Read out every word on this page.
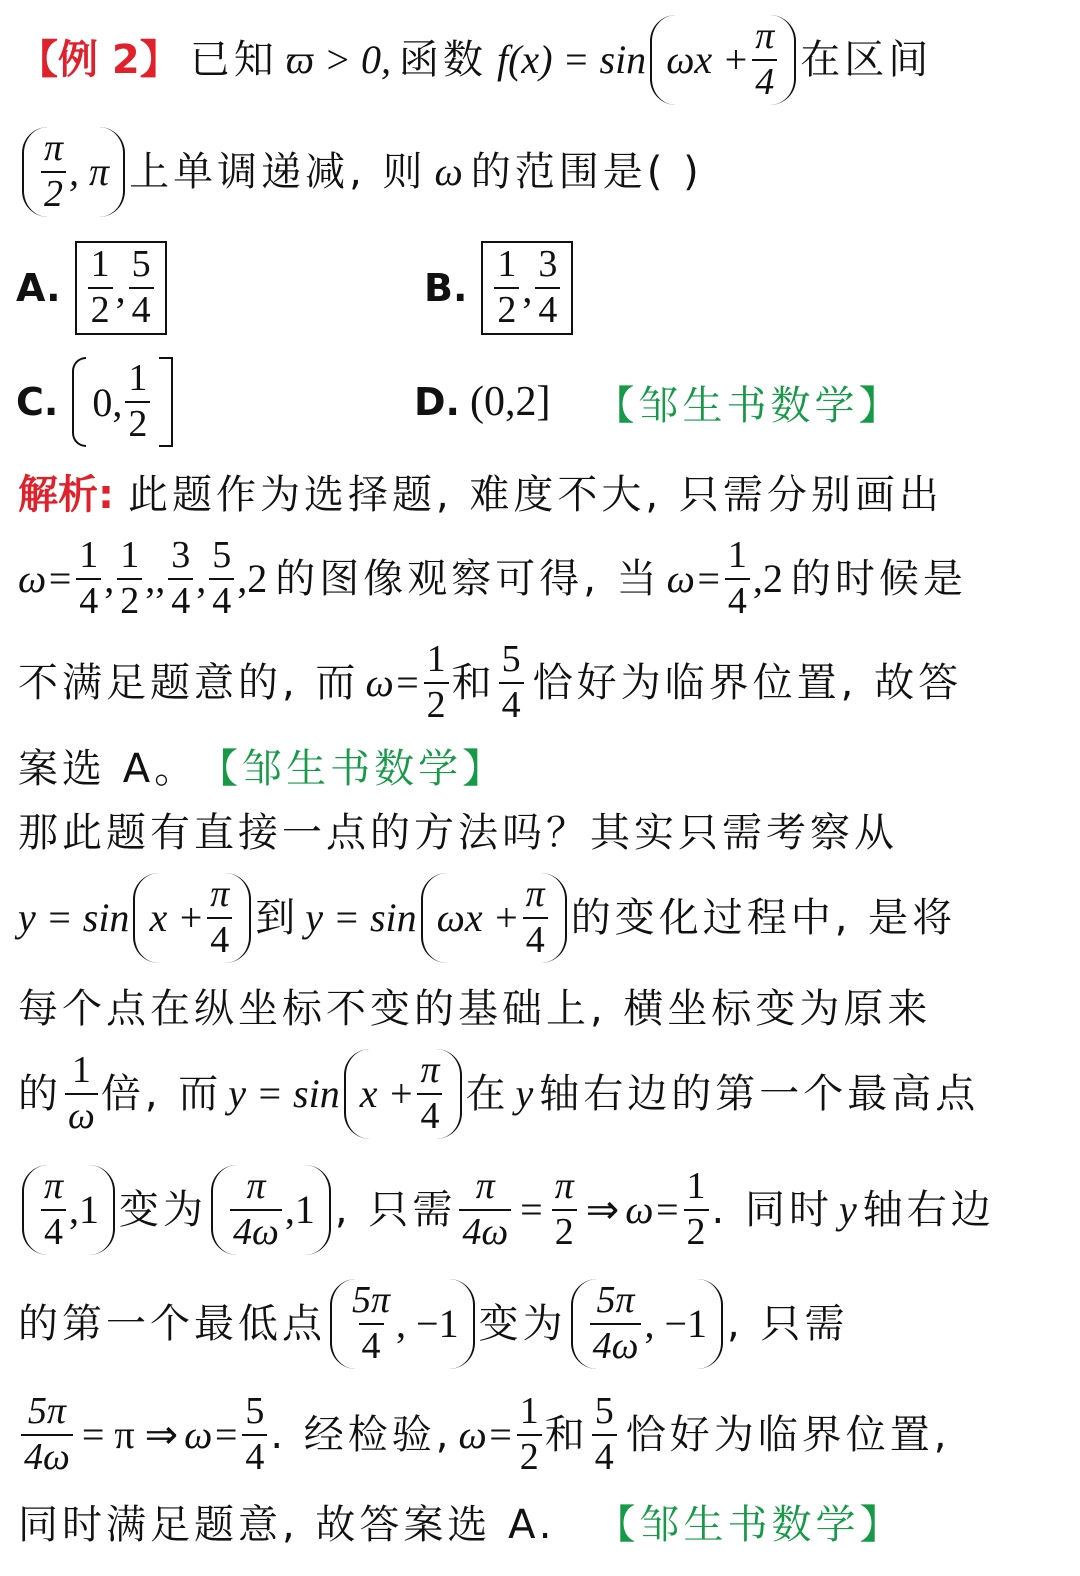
【例 2】 已知 ϖ > 0, 函数 $f(x) = \sin \omega x + \frac{\pi}{4}$ 在区间
$\frac{\pi}{2}$ , π 上单调递减, 则 ω 的范围是( )
A. $\frac{1}{2}$ , $\frac{5}{4}$	B. $\frac{1}{2}$ , $\frac{3}{4}$
C. 0, $\frac{1}{2}$	D. (0,2] 【邹生书数学】
解析: 此题作为选择题, 难度不大, 只需分别画出
$\omega= \frac{1}{4}$ , $\frac{1}{2}$ , , $\frac{3}{4}$ , $\frac{5}{4} ,2$ 的图像观察可得, 当 $\omega= \frac{1}{4} ,2$ 的时候是
不满足题意的, 而 $\omega= \frac{1}{2}$ 和 $\frac{5}{4}$ 恰好为临界位置, 故答
案选 A。 【邹生书数学】
那此题有直接一点的方法吗？其实只需考察从
$y = \sin x + \frac{\pi}{4}$ 到 $y = \sin \omega x + \frac{\pi}{4}$ 的变化过程中, 是将
每个点在纵坐标不变的基础上, 横坐标变为原来
的 $\frac{1}{\omega}$ 倍, 而 $y = \sin x + \frac{\pi}{4}$ 在 y 轴右边的第一个最高点
$\frac{\pi}{4} ,1$ 变为 $\frac{\pi}{4\omega} ,1$ , 只需 $\frac{\pi}{4\omega} = \frac{\pi}{2}$ ⇒ $\omega= \frac{1}{2}$ . 同时 y 轴右边
的第一个最低点 $\frac{5\pi}{4}$ , −1 变为 $\frac{5\pi}{4\omega}$ , −1 , 只需
$\frac{5\pi}{4\omega} = \pi$ ⇒ $\omega= \frac{5}{4}$ . 经检验, $\omega= \frac{1}{2}$ 和 $\frac{5}{4}$ 恰好为临界位置,
同时满足题意, 故答案选 A. 【邹生书数学】
